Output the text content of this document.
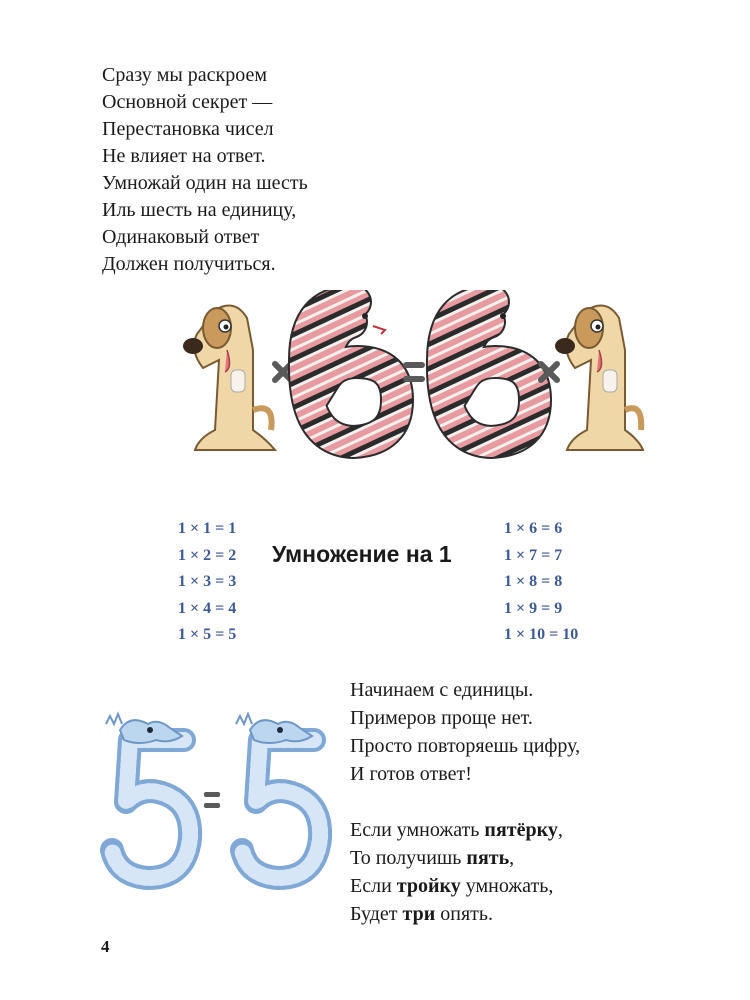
Сразу мы раскроем
Основной секрет —
Перестановка чисел
Не влияет на ответ.
Умножай один на шесть
Иль шесть на единицу,
Одинаковый ответ
Должен получиться.
1 × 1 = 1
1 × 2 = 2
1 × 3 = 3
1 × 4 = 4
1 × 5 = 5
Умножение на 1
1 × 6 = 6
1 × 7 = 7
1 × 8 = 8
1 × 9 = 9
1 × 10 = 10
Начинаем с единицы.
Примеров проще нет.
Просто повторяешь цифру,
И готов ответ!
Если умножать пятёрку,
То получишь пять,
Если тройку умножать,
Будет три опять.
4
